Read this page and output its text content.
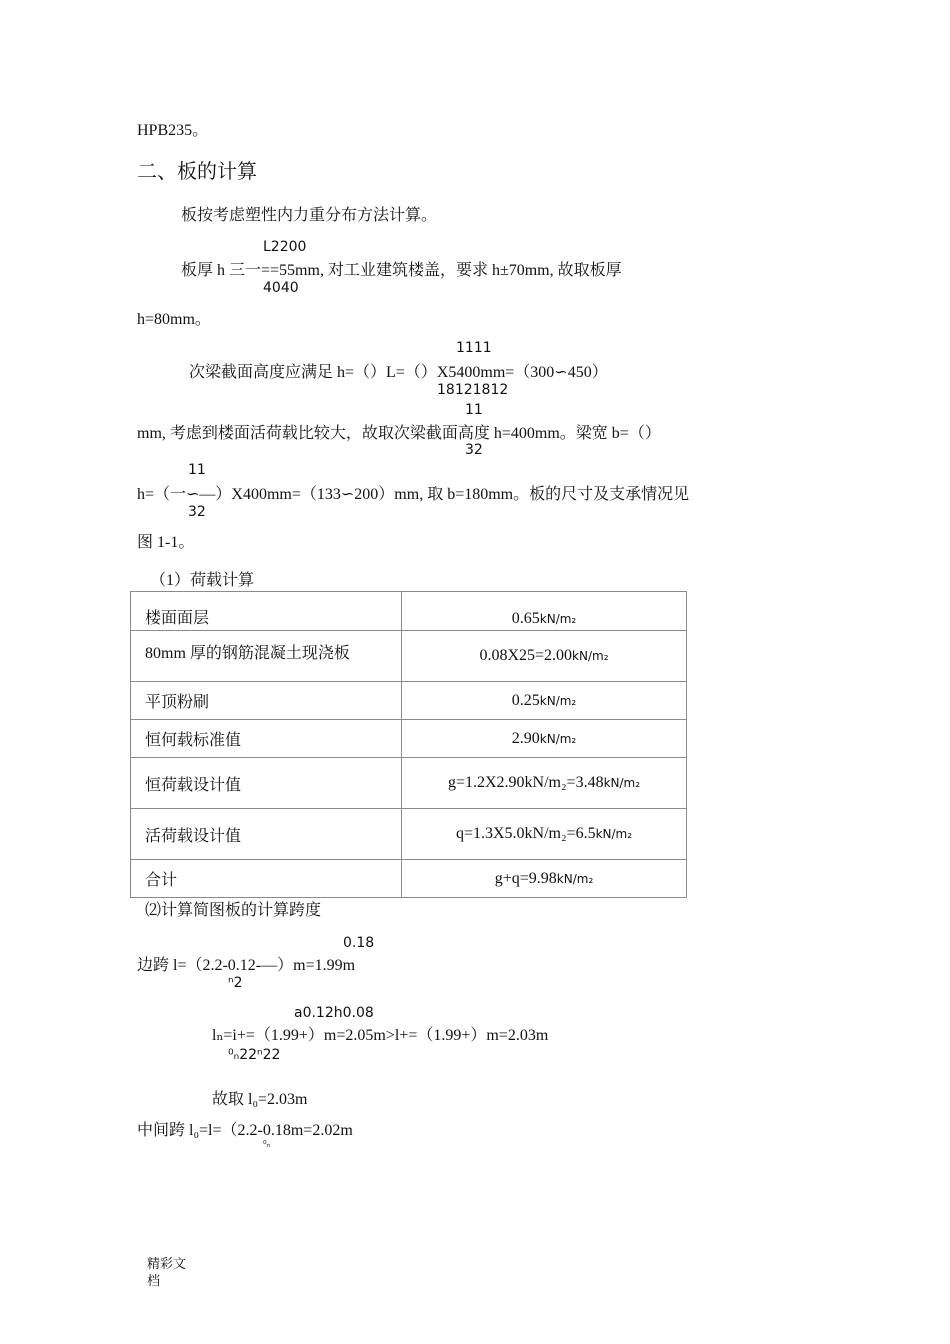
HPB235。
二、板的计算
板按考虑塑性内力重分布方法计算。
L2200
板厚 h 三一==55mm, 对工业建筑楼盖，要求 h±70mm, 故取板厚
4040
h=80mm。
1111
次梁截面高度应满足 h=（）L=（）X5400mm=（300∽450）
18121812
11
mm, 考虑到楼面活荷载比较大，故取次梁截面高度 h=400mm。梁宽 b=（）
32
11
h=（一∽—）X400mm=（133∽200）mm, 取 b=180mm。板的尺寸及支承情况见
32
图 1-1。
（1）荷载计算
楼面面层	0.65kN/m₂
80mm 厚的钢筋混凝土现浇板	0.08X25=2.00kN/m₂
平顶粉刷	0.25kN/m₂
恒何载标准值	2.90kN/m₂
恒荷载设计值	g=1.2X2.90kN/m₂=3.48kN/m₂
活荷载设计值	q=1.3X5.0kN/m₂=6.5kN/m₂
合计	g+q=9.98kN/m₂
⑵计算简图板的计算跨度
0.18
边跨 l=（2.2-0.12-—）m=1.99m
ⁿ2
a0.12h0.08
lₙ=i+=（1.99+）m=2.05m>l+=（1.99+）m=2.03m
⁰ₙ22ⁿ22
故取 l₀=2.03m
中间跨 l₀=l=（2.2-0.18m=2.02m
⁰ₙ
精彩文
档
